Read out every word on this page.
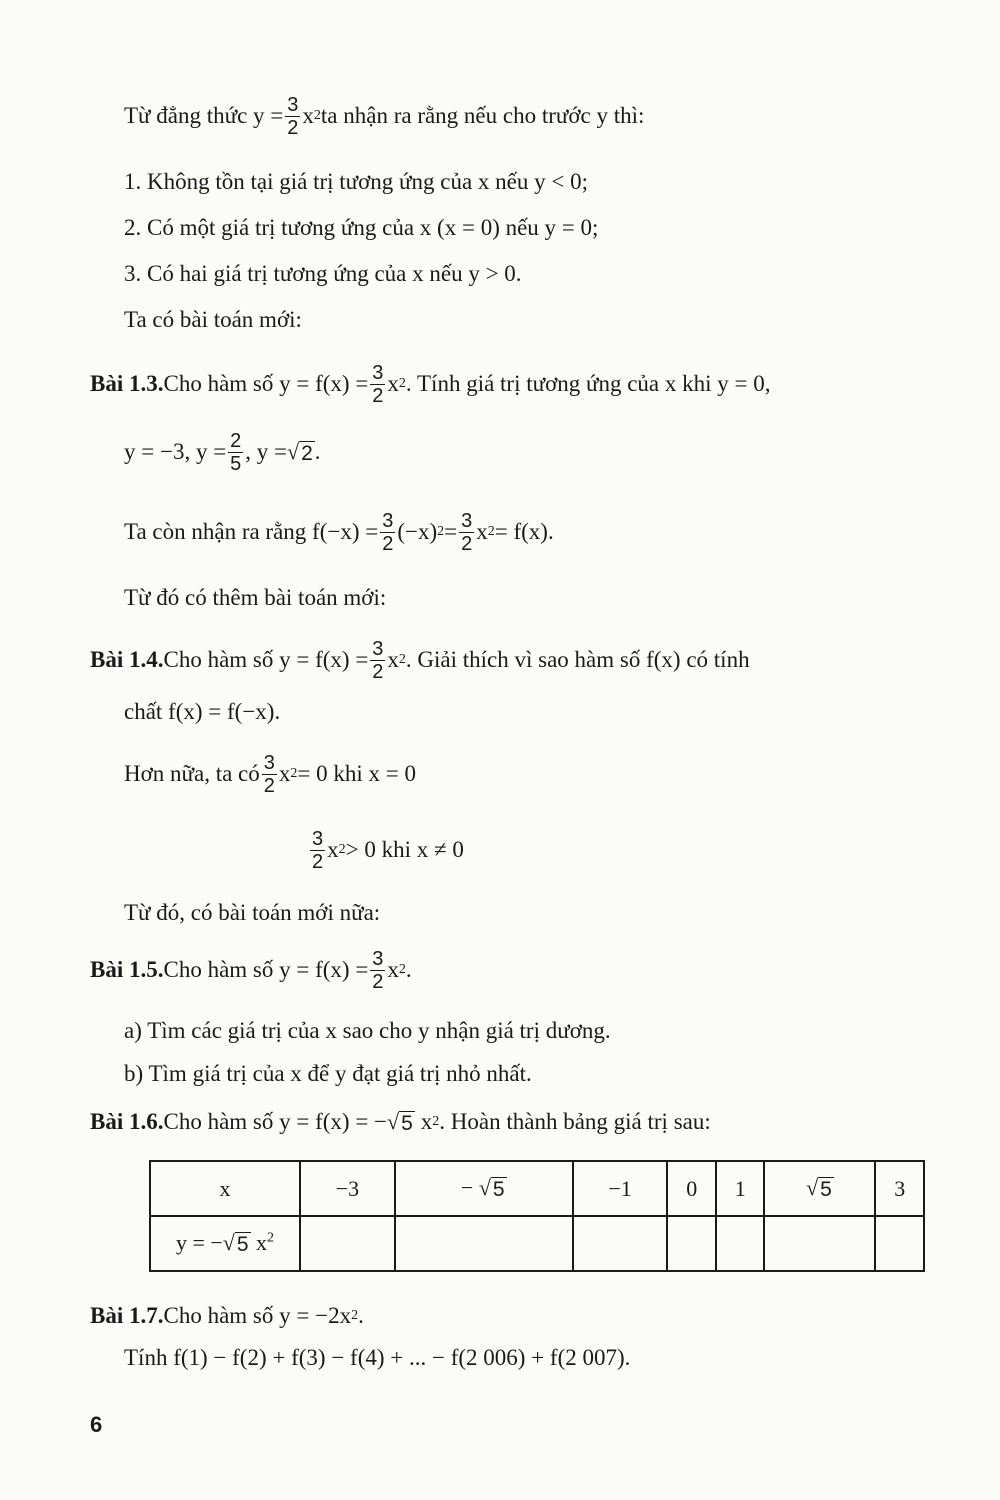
Từ đẳng thức $y = \frac{3}{2}$ x 2 ta nhận ra rằng nếu cho trước y thì:
1. Không tồn tại giá trị tương ứng của x nếu y < 0;
2. Có một giá trị tương ứng của x (x = 0) nếu y = 0;
3. Có hai giá trị tương ứng của x nếu y > 0.
Ta có bài toán mới:
Bài 1.3. Cho hàm số $y = f(x) = \frac{3}{2}$ x 2 . Tính giá trị tương ứng của x khi y = 0,
y = −3, $y = \frac{2}{5}$ , y = √ 2 .
Ta còn nhận ra rằng $f(-x) = \frac{3}{2} (-x) 2 = \frac{3}{2}$ x 2 = f(x).
Từ đó có thêm bài toán mới:
Bài 1.4. Cho hàm số $y = f(x) = \frac{3}{2}$ x 2 . Giải thích vì sao hàm số f(x) có tính
chất f(x) = f(−x).
Hơn nữa, ta có $\frac{3}{2}$ x 2 = 0 khi x = 0
$\frac{3}{2}$ x 2 > 0 khi x ≠ 0
Từ đó, có bài toán mới nữa:
Bài 1.5. Cho hàm số $y = f(x) = \frac{3}{2}$ x 2 .
a) Tìm các giá trị của x sao cho y nhận giá trị dương.
b) Tìm giá trị của x để y đạt giá trị nhỏ nhất.
Bài 1.6. Cho hàm số y = f(x) = − √ 5 x 2 . Hoàn thành bảng giá trị sau:
x	−3	− √ 5	−1	0	1	√ 5	3
y = − √ 5 $x^2$							
Bài 1.7. Cho hàm số y = −2x 2 .
Tính f(1) − f(2) + f(3) − f(4) + ... − f(2 006) + f(2 007).
6
